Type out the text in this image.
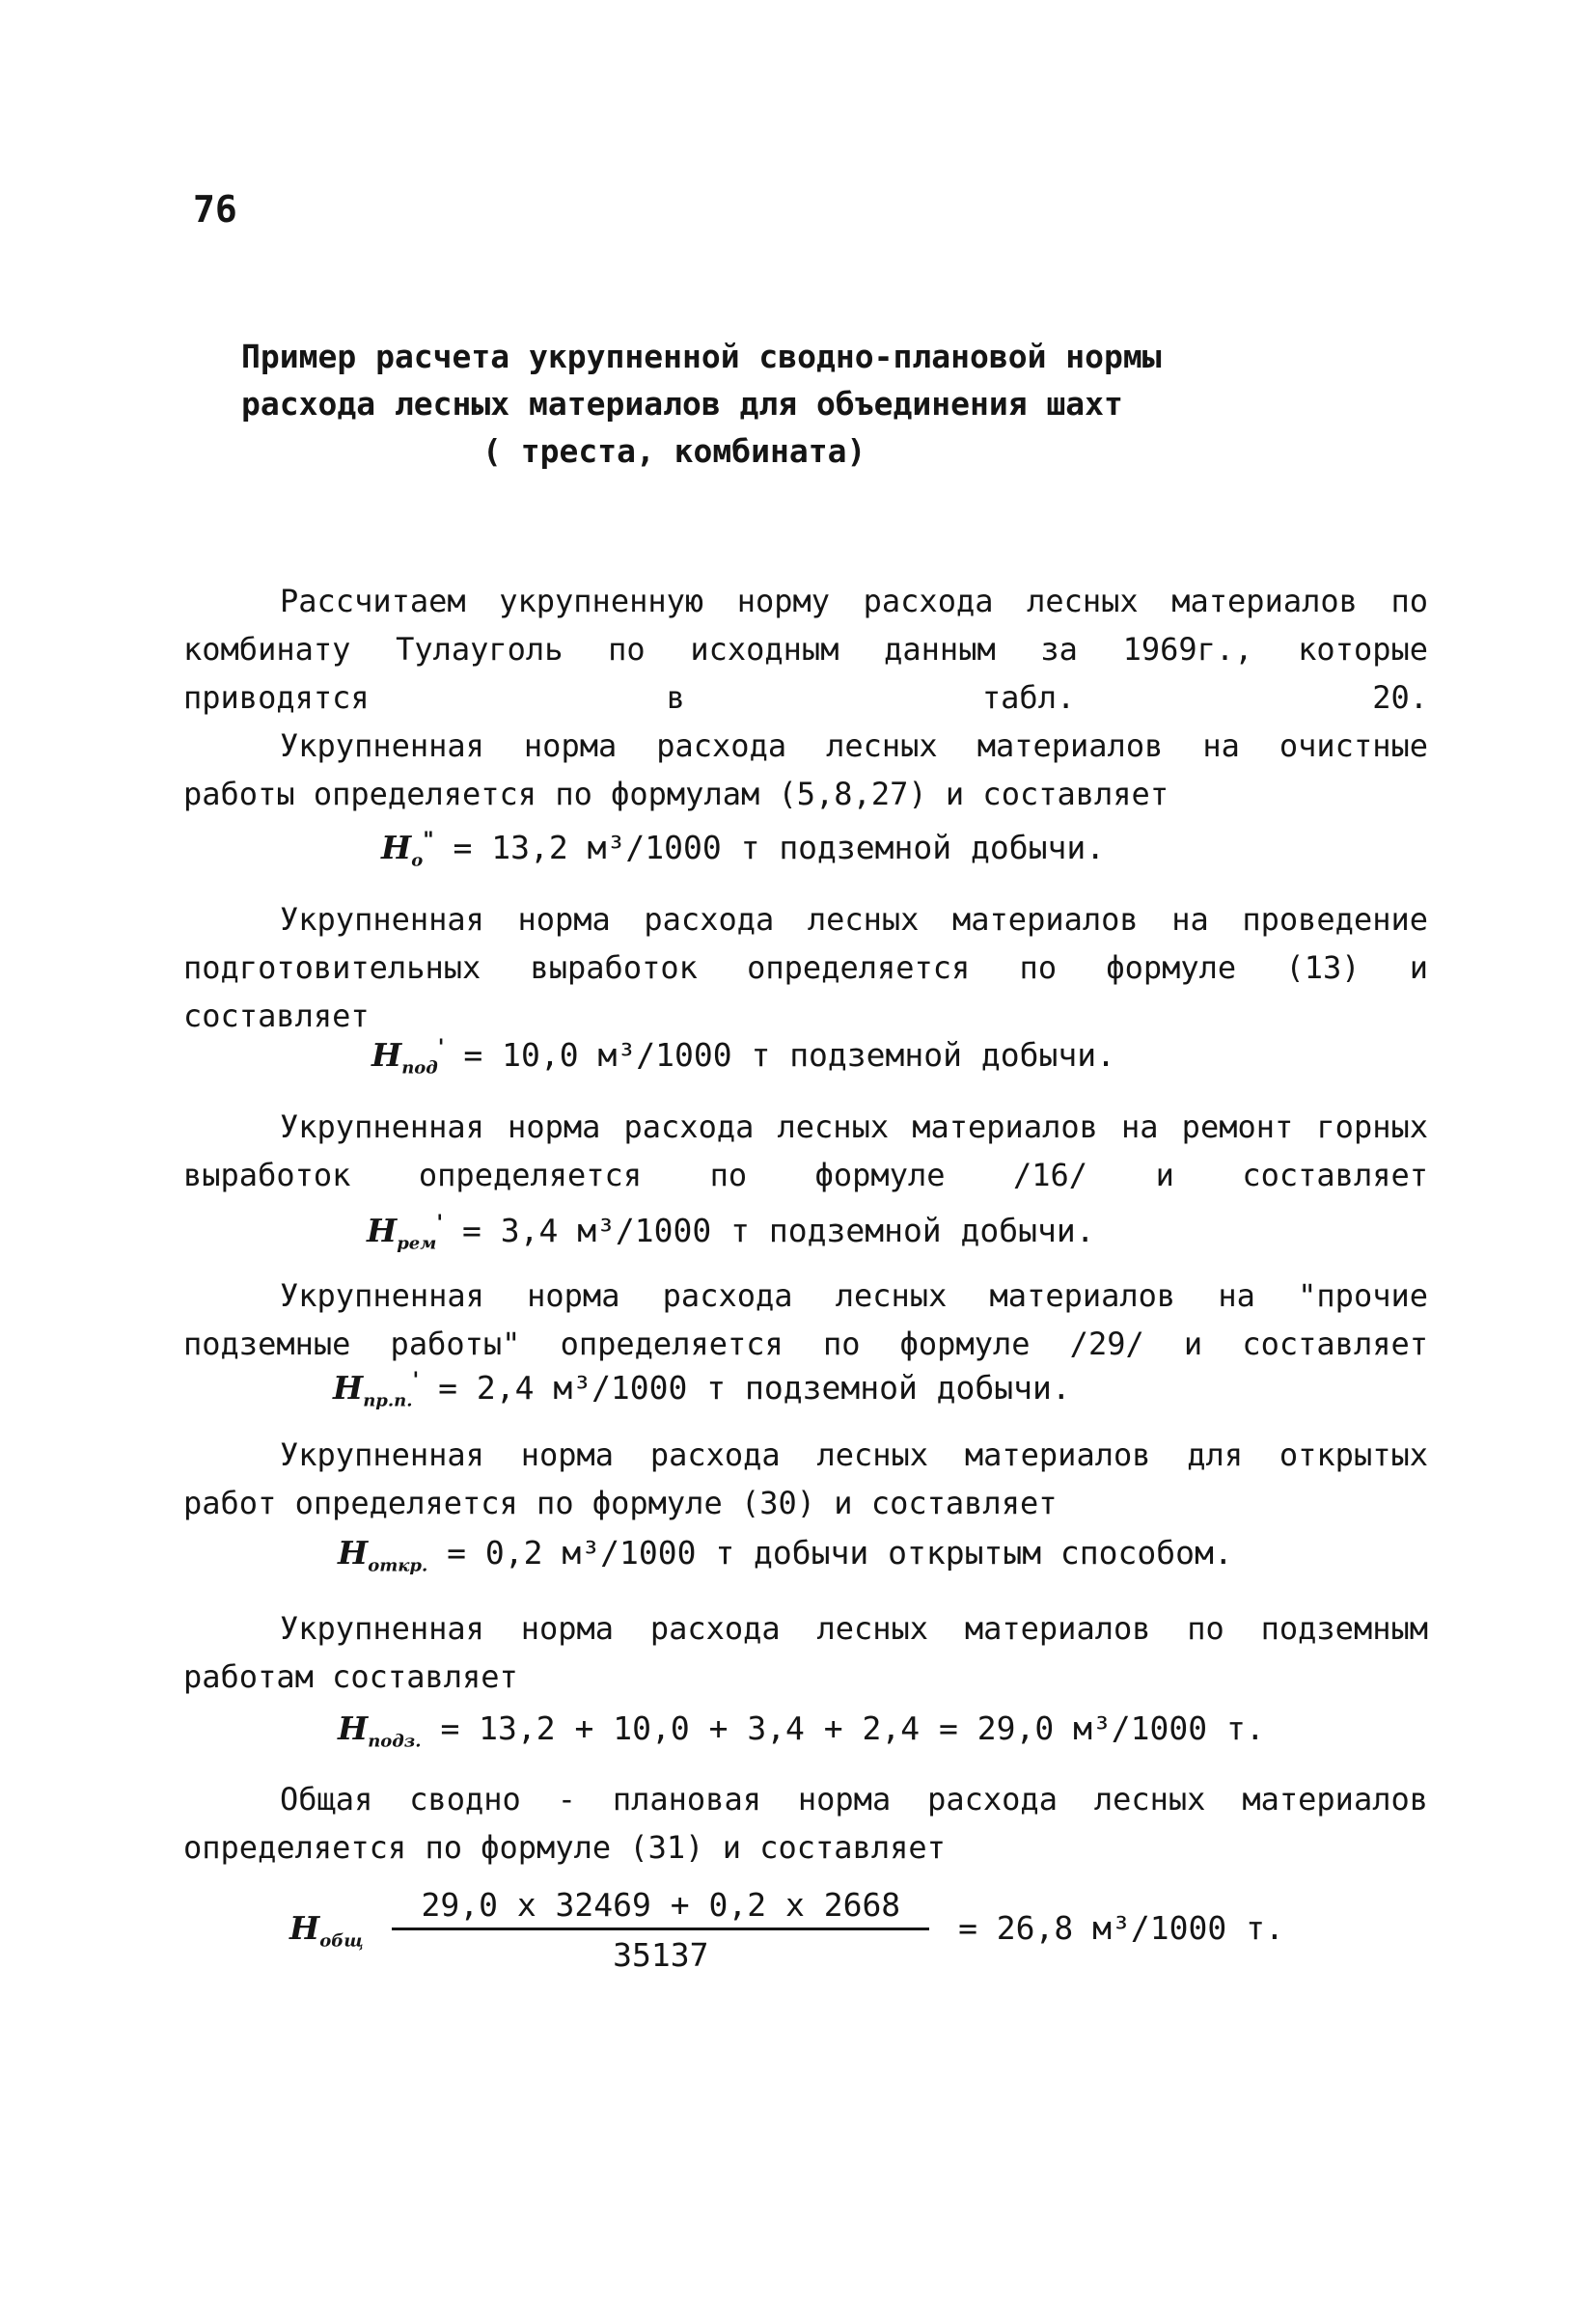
76
Пример расчета укрупненной сводно-плановой нормы
расхода лесных материалов для объединения шахт
( треста, комбината)

Рассчитаем укрупненную норму расхода лесных материалов по комбинату Тулауголь по исходным данным за 1969г., которые приводятся в табл. 20.

Укрупненная норма расхода лесных материалов на очистные работы определяется по формулам (5,8,27) и составляет

$Н_о^" = 13,2$ м³/1000 т подземной добычи.

Укрупненная норма расхода лесных материалов на проведение подготовительных выработок определяется по формуле (13) и составляет

$Н_{под}' = 10,0$ м³/1000 т подземной добычи.

Укрупненная норма расхода лесных материалов на ремонт горных выработок определяется по формуле /16/ и составляет

$Н_{рем}' = 3,4$ м³/1000 т подземной добычи.

Укрупненная норма расхода лесных материалов на "прочие подземные работы" определяется по формуле /29/ и составляет

$Н_{пр.п.}' = 2,4$ м³/1000 т подземной добычи.

Укрупненная норма расхода лесных материалов для открытых работ определяется по формуле (30) и составляет

$Н_{откр.} = 0,2$ м³/1000 т добычи открытым способом.

Укрупненная норма расхода лесных материалов по подземным работам составляет

$Н_{подз.} = 13,2 + 10,0 + 3,4 + 2,4 = 29,0$ м³/1000 т.

Общая сводно - плановая норма расхода лесных материалов определяется по формуле (31) и составляет

$Н_{общ} \frac{29,0 x 32469 + 0,2 x 2668}{35137} = 26,8$ м³/1000 т.
